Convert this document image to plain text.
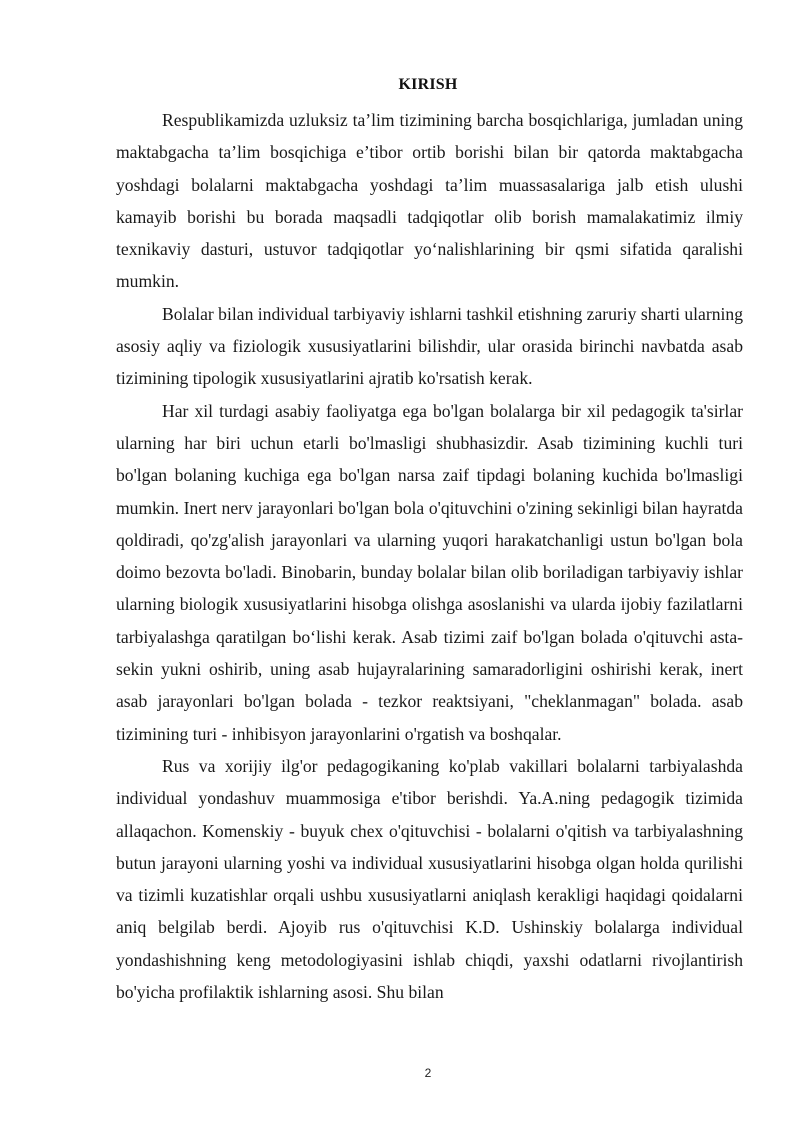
KIRISH

Respublikamizda uzluksiz ta’lim tizimining barcha bosqichlariga, jumladan uning maktabgacha ta’lim bosqichiga e’tibor ortib borishi bilan bir qatorda maktabgacha yoshdagi bolalarni maktabgacha yoshdagi ta’lim muassasalariga jalb etish ulushi kamayib borishi bu borada maqsadli tadqiqotlar olib borish mamalakatimiz ilmiy texnikaviy dasturi, ustuvor tadqiqotlar yo‘nalishlarining bir qsmi sifatida qaralishi mumkin.

Bolalar bilan individual tarbiyaviy ishlarni tashkil etishning zaruriy sharti ularning asosiy aqliy va fiziologik xususiyatlarini bilishdir, ular orasida birinchi navbatda asab tizimining tipologik xususiyatlarini ajratib ko'rsatish kerak.

Har xil turdagi asabiy faoliyatga ega bo'lgan bolalarga bir xil pedagogik ta'sirlar ularning har biri uchun etarli bo'lmasligi shubhasizdir. Asab tizimining kuchli turi bo'lgan bolaning kuchiga ega bo'lgan narsa zaif tipdagi bolaning kuchida bo'lmasligi mumkin. Inert nerv jarayonlari bo'lgan bola o'qituvchini o'zining sekinligi bilan hayratda qoldiradi, qo'zg'alish jarayonlari va ularning yuqori harakatchanligi ustun bo'lgan bola doimo bezovta bo'ladi. Binobarin, bunday bolalar bilan olib boriladigan tarbiyaviy ishlar ularning biologik xususiyatlarini hisobga olishga asoslanishi va ularda ijobiy fazilatlarni tarbiyalashga qaratilgan bo‘lishi kerak. Asab tizimi zaif bo'lgan bolada o'qituvchi asta-sekin yukni oshirib, uning asab hujayralarining samaradorligini oshirishi kerak, inert asab jarayonlari bo'lgan bolada - tezkor reaktsiyani, "cheklanmagan" bolada. asab tizimining turi - inhibisyon jarayonlarini o'rgatish va boshqalar.

Rus va xorijiy ilg'or pedagogikaning ko'plab vakillari bolalarni tarbiyalashda individual yondashuv muammosiga e'tibor berishdi. Ya.A.ning pedagogik tizimida allaqachon. Komenskiy - buyuk chex o'qituvchisi - bolalarni o'qitish va tarbiyalashning butun jarayoni ularning yoshi va individual xususiyatlarini hisobga olgan holda qurilishi va tizimli kuzatishlar orqali ushbu xususiyatlarni aniqlash kerakligi haqidagi qoidalarni aniq belgilab berdi. Ajoyib rus o'qituvchisi K.D. Ushinskiy bolalarga individual yondashishning keng metodologiyasini ishlab chiqdi, yaxshi odatlarni rivojlantirish bo'yicha profilaktik ishlarning asosi. Shu bilan

2
